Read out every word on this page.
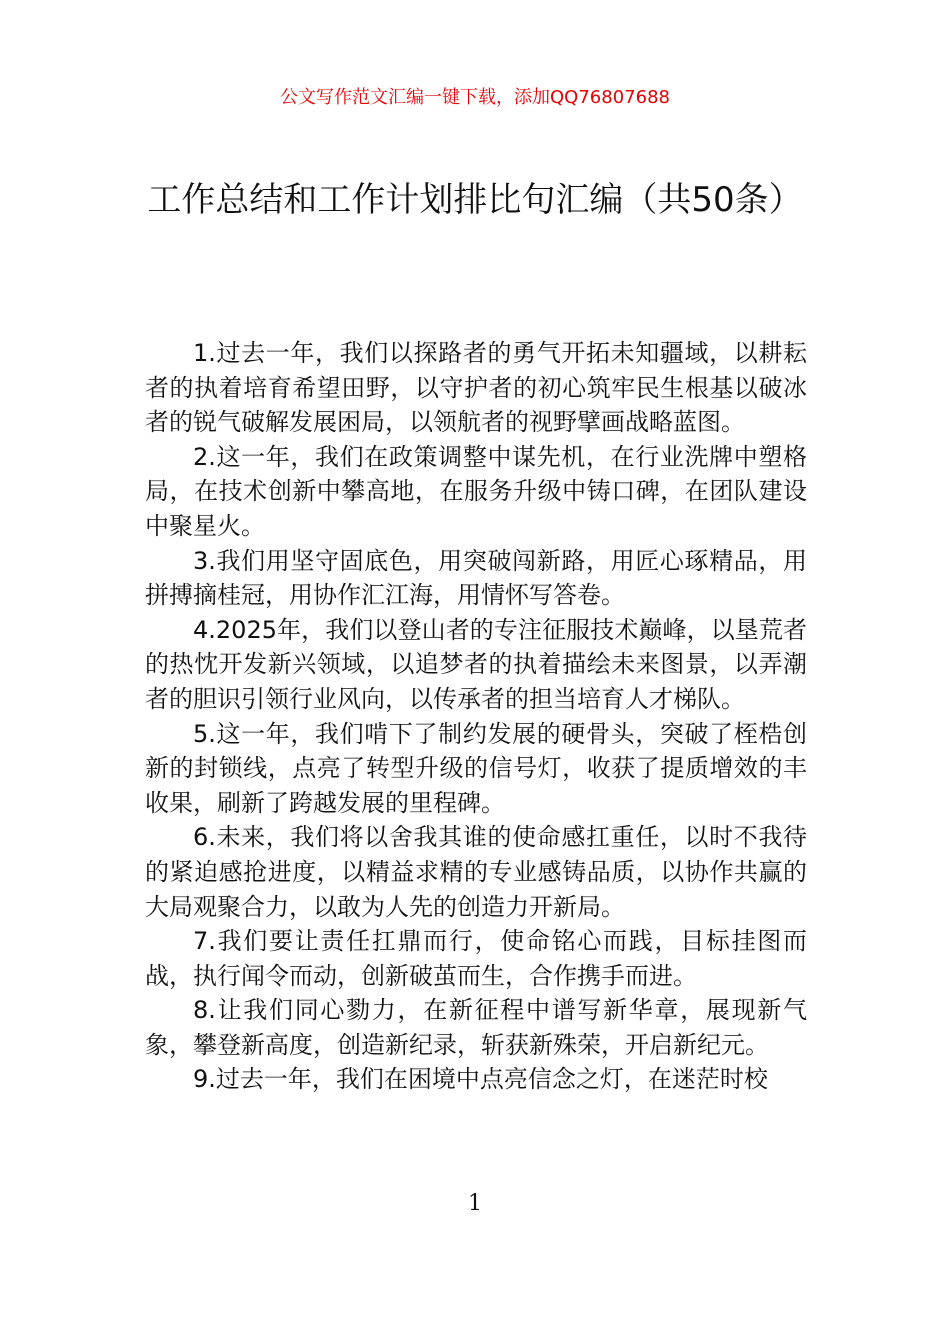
公文写作范文汇编一键下载，添加QQ76807688
工作总结和工作计划排比句汇编（共50条）

1.过去一年，我们以探路者的勇气开拓未知疆域，以耕耘者的执着培育希望田野，以守护者的初心筑牢民生根基以破冰者的锐气破解发展困局，以领航者的视野擘画战略蓝图。

2.这一年，我们在政策调整中谋先机，在行业洗牌中塑格局，在技术创新中攀高地，在服务升级中铸口碑，在团队建设中聚星火。

3.我们用坚守固底色，用突破闯新路，用匠心琢精品，用拼搏摘桂冠，用协作汇江海，用情怀写答卷。

4.2025年，我们以登山者的专注征服技术巅峰，以垦荒者的热忱开发新兴领域，以追梦者的执着描绘未来图景，以弄潮者的胆识引领行业风向，以传承者的担当培育人才梯队。

5.这一年，我们啃下了制约发展的硬骨头，突破了桎梏创新的封锁线，点亮了转型升级的信号灯，收获了提质增效的丰收果，刷新了跨越发展的里程碑。

6.未来，我们将以舍我其谁的使命感扛重任，以时不我待的紧迫感抢进度，以精益求精的专业感铸品质，以协作共赢的大局观聚合力，以敢为人先的创造力开新局。

7.我们要让责任扛鼎而行，使命铭心而践，目标挂图而战，执行闻令而动，创新破茧而生，合作携手而进。

8.让我们同心勠力，在新征程中谱写新华章，展现新气象，攀登新高度，创造新纪录，斩获新殊荣，开启新纪元。

9.过去一年，我们在困境中点亮信念之灯，在迷茫时校

1
